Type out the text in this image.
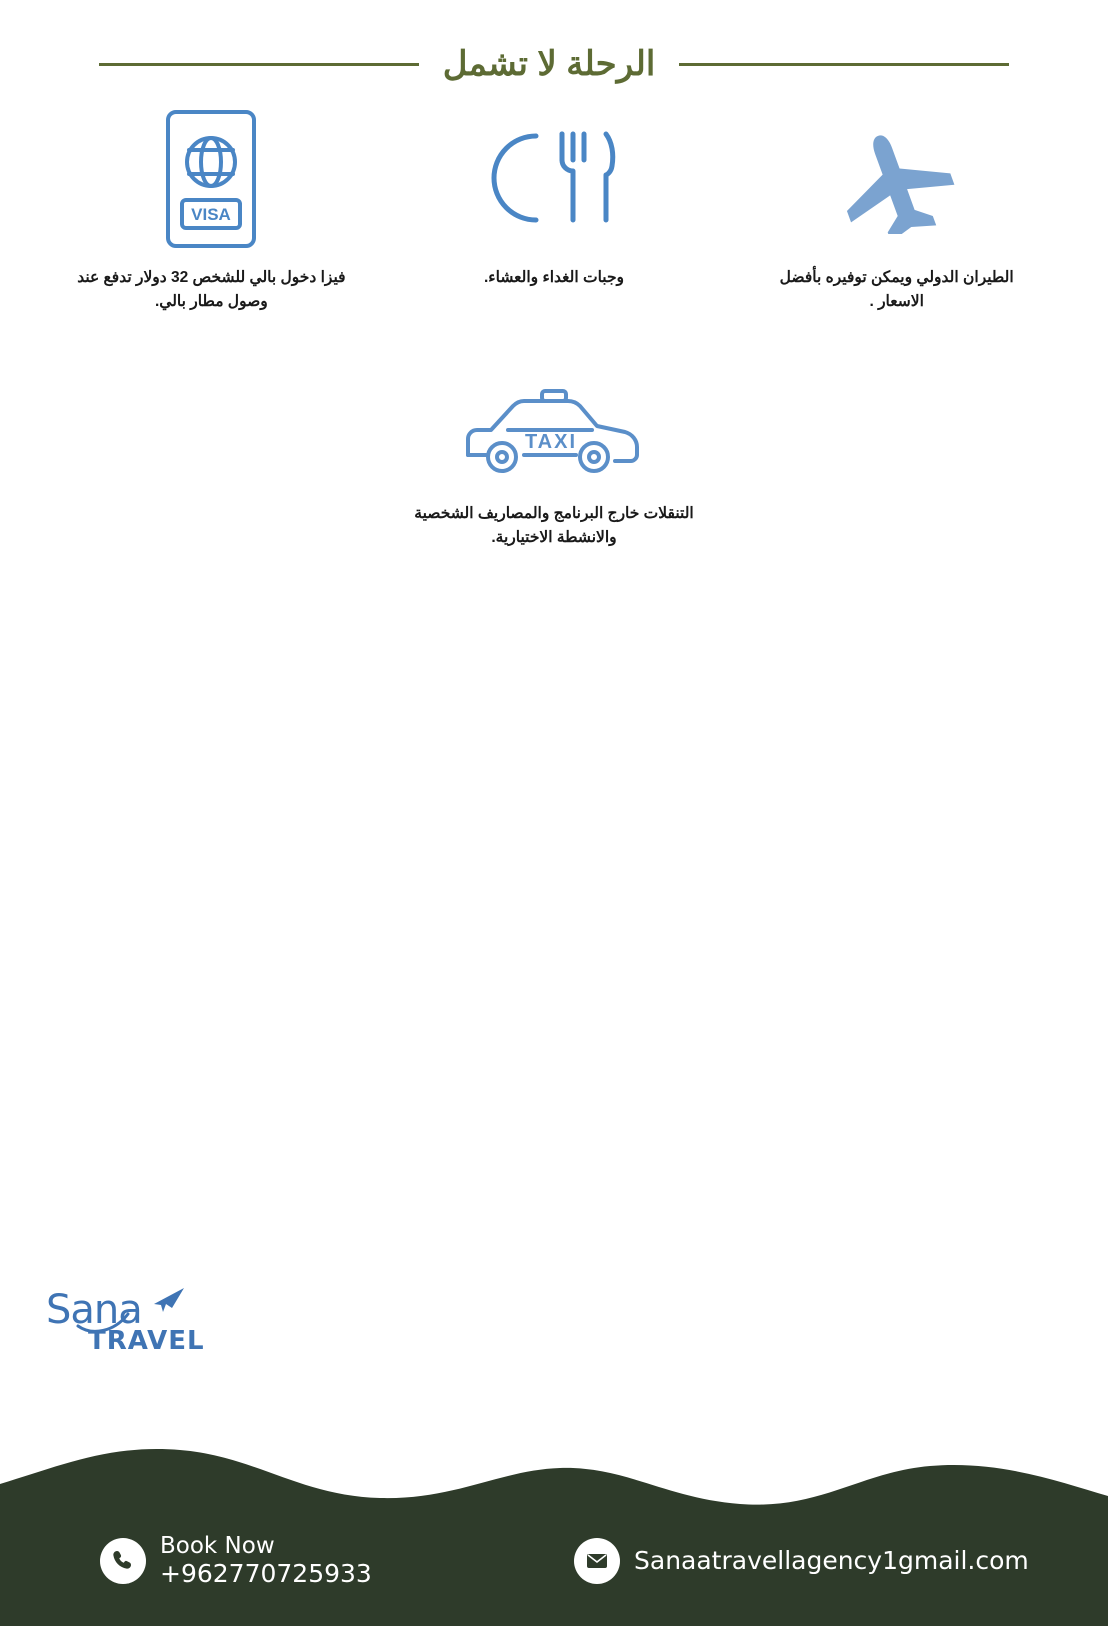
الرحلة لا تشمل
الطيران الدولي ويمكن توفيره بأفضل الاسعار .
وجبات الغداء والعشاء.
VISA
فيزا دخول بالي للشخص 32 دولار تدفع عند وصول مطار بالي.
TAXI
التنقلات خارج البرنامج والمصاريف الشخصية والانشطة الاختيارية.
Sana
TRAVEL
Book Now
+962770725933	Sanaatravellagency1gmail.com
